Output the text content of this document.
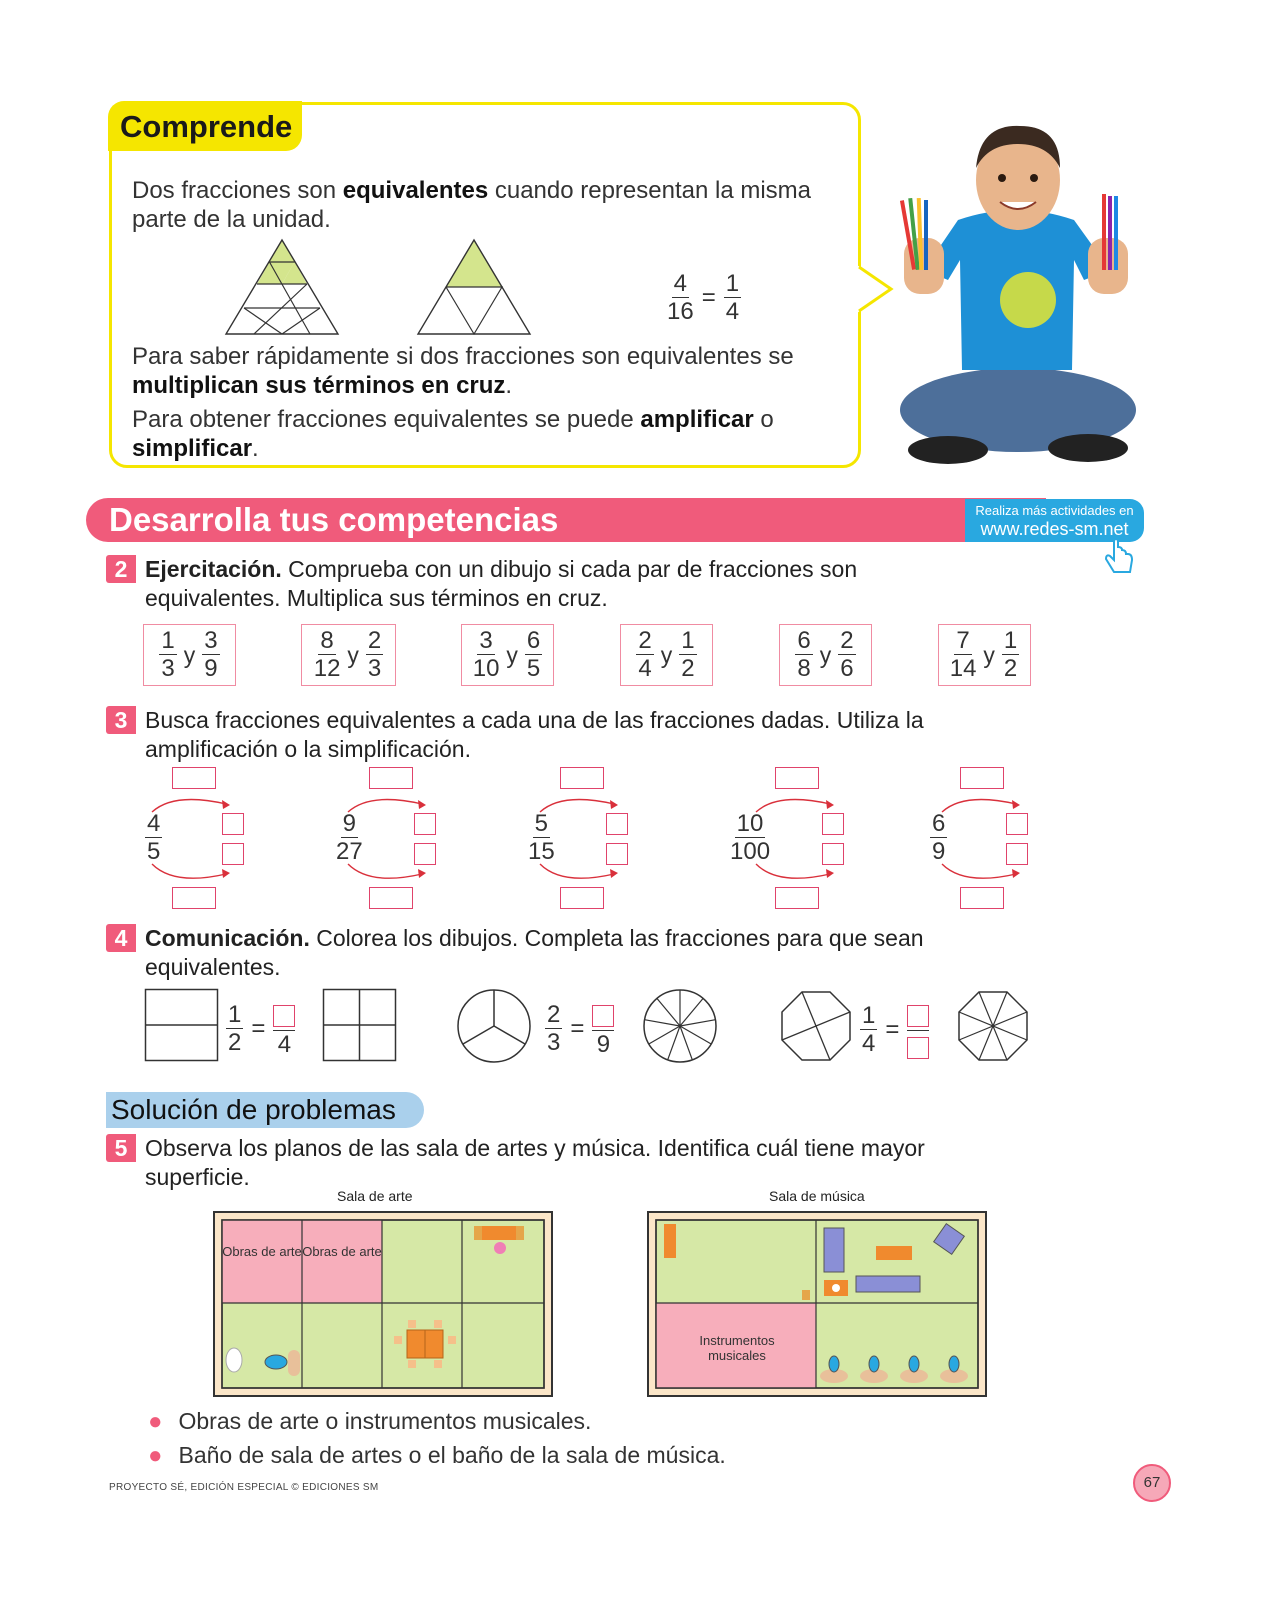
Comprende
Dos fracciones son equivalentes cuando representan la misma
parte de la unidad.
$\frac{4}{16} = \frac{1}{4}$
Para saber rápidamente si dos fracciones son equivalentes se
multiplican sus términos en cruz.
Para obtener fracciones equivalentes se puede amplificar o
simplificar.
Desarrolla tus competencias	Realiza más actividades en
www.redes-sm.net
2 Ejercitación. Comprueba con un dibujo si cada par de fracciones son
equivalentes. Multiplica sus términos en cruz.
$\frac{1}{3}$ y $\frac{3}{9}$	$\frac{8}{12}$ y $\frac{2}{3}$	$\frac{3}{10}$ y $\frac{6}{5}$	$\frac{2}{4}$ y $\frac{1}{2}$	$\frac{6}{8}$ y $\frac{2}{6}$	$\frac{7}{14}$ y $\frac{1}{2}$
3 Busca fracciones equivalentes a cada una de las fracciones dadas. Utiliza la
amplificación o la simplificación.
$\frac{4}{5}$	$\frac{9}{27}$	$\frac{5}{15}$	$\frac{10}{100}$	$\frac{6}{9}$
4 Comunicación. Colorea los dibujos. Completa las fracciones para que sean
equivalentes.
$\frac{1}{2}$ =
4	$\frac{2}{3}$ =
9	$\frac{1}{4}$ =
Solución de problemas
5 Observa los planos de las sala de artes y música. Identifica cuál tiene mayor
superficie.
Sala de arte	Sala de música
Obras de arte Obras de arte
Instrumentos musicales
● Obras de arte o instrumentos musicales.
● Baño de sala de artes o el baño de la sala de música.
PROYECTO SÉ, EDICIÓN ESPECIAL © EDICIONES SM	67
